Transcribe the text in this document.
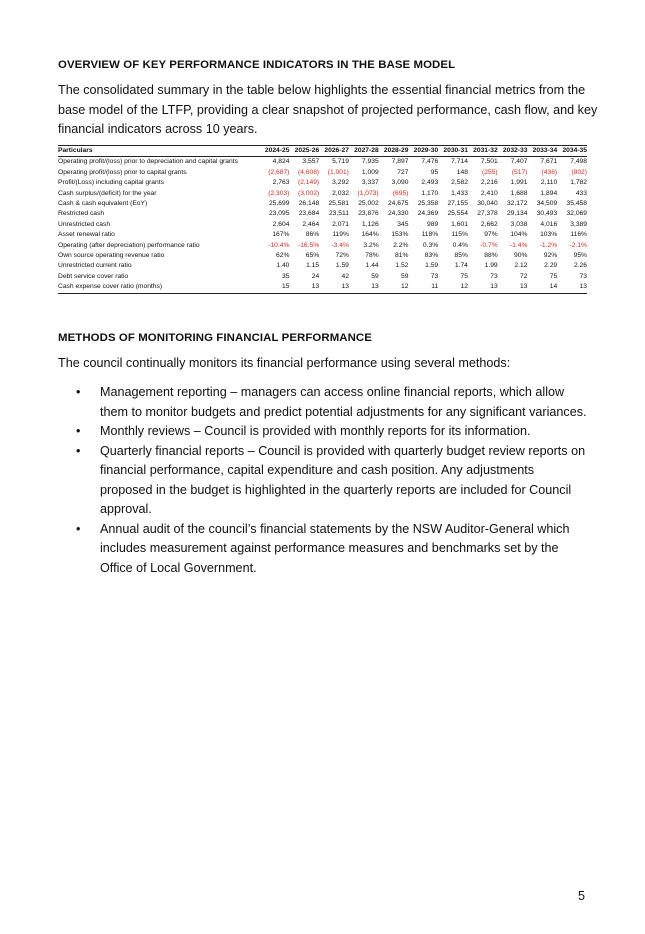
OVERVIEW OF KEY PERFORMANCE INDICATORS IN THE BASE MODEL

The consolidated summary in the table below highlights the essential financial metrics from the base model of the LTFP, providing a clear snapshot of projected performance, cash flow, and key financial indicators across 10 years.

Particulars	2024-25	2025-26	2026-27	2027-28	2028-29	2029-30	2030-31	2031-32	2032-33	2033-34	2034-35
Operating profit/(loss) prior to depreciation and capital grants	4,824	3,557	5,719	7,935	7,897	7,476	7,714	7,501	7,407	7,671	7,498
Operating profit/(loss) prior to capital grants	(2,687)	(4,608)	(1,001)	1,009	727	95	148	(255)	(517)	(436)	(802)
Profit/(Loss) including capital grants	2,763	(2,149)	3,292	3,337	3,090	2,493	2,582	2,216	1,991	2,110	1,782
Cash surplus/(deficit) for the year	(2,303)	(3,002)	2,032	(1,073)	(695)	1,170	1,433	2,410	1,688	1,894	433
Cash & cash equivalent (EoY)	25,699	26,148	25,581	25,002	24,675	25,358	27,155	30,040	32,172	34,509	35,458
Restricted cash	23,095	23,684	23,511	23,876	24,330	24,369	25,554	27,378	29,134	30,493	32,069
Unrestricted cash	2,604	2,464	2,071	1,126	345	989	1,601	2,662	3,038	4,016	3,389
Asset renewal ratio	167%	86%	119%	164%	153%	118%	115%	97%	104%	103%	116%
Operating (after depreciation) performance ratio	-10.4%	-16.5%	-3.4%	3.2%	2.2%	0.3%	0.4%	-0.7%	-1.4%	-1.2%	-2.1%
Own source operating revenue ratio	62%	65%	72%	78%	81%	83%	85%	88%	90%	92%	95%
Unrestricted current ratio	1.40	1.15	1.59	1.44	1.52	1.59	1.74	1.99	2.12	2.29	2.26
Debt service cover ratio	35	24	42	59	59	73	75	73	72	75	73
Cash expense cover ratio (months)	15	13	13	13	12	11	12	13	13	14	13
METHODS OF MONITORING FINANCIAL PERFORMANCE

The council continually monitors its financial performance using several methods:

• Management reporting – managers can access online financial reports, which allow them to monitor budgets and predict potential adjustments for any significant variances.
• Monthly reviews – Council is provided with monthly reports for its information.
• Quarterly financial reports – Council is provided with quarterly budget review reports on financial performance, capital expenditure and cash position. Any adjustments proposed in the budget is highlighted in the quarterly reports are included for Council approval.
• Annual audit of the council’s financial statements by the NSW Auditor-General which includes measurement against performance measures and benchmarks set by the Office of Local Government.
5
